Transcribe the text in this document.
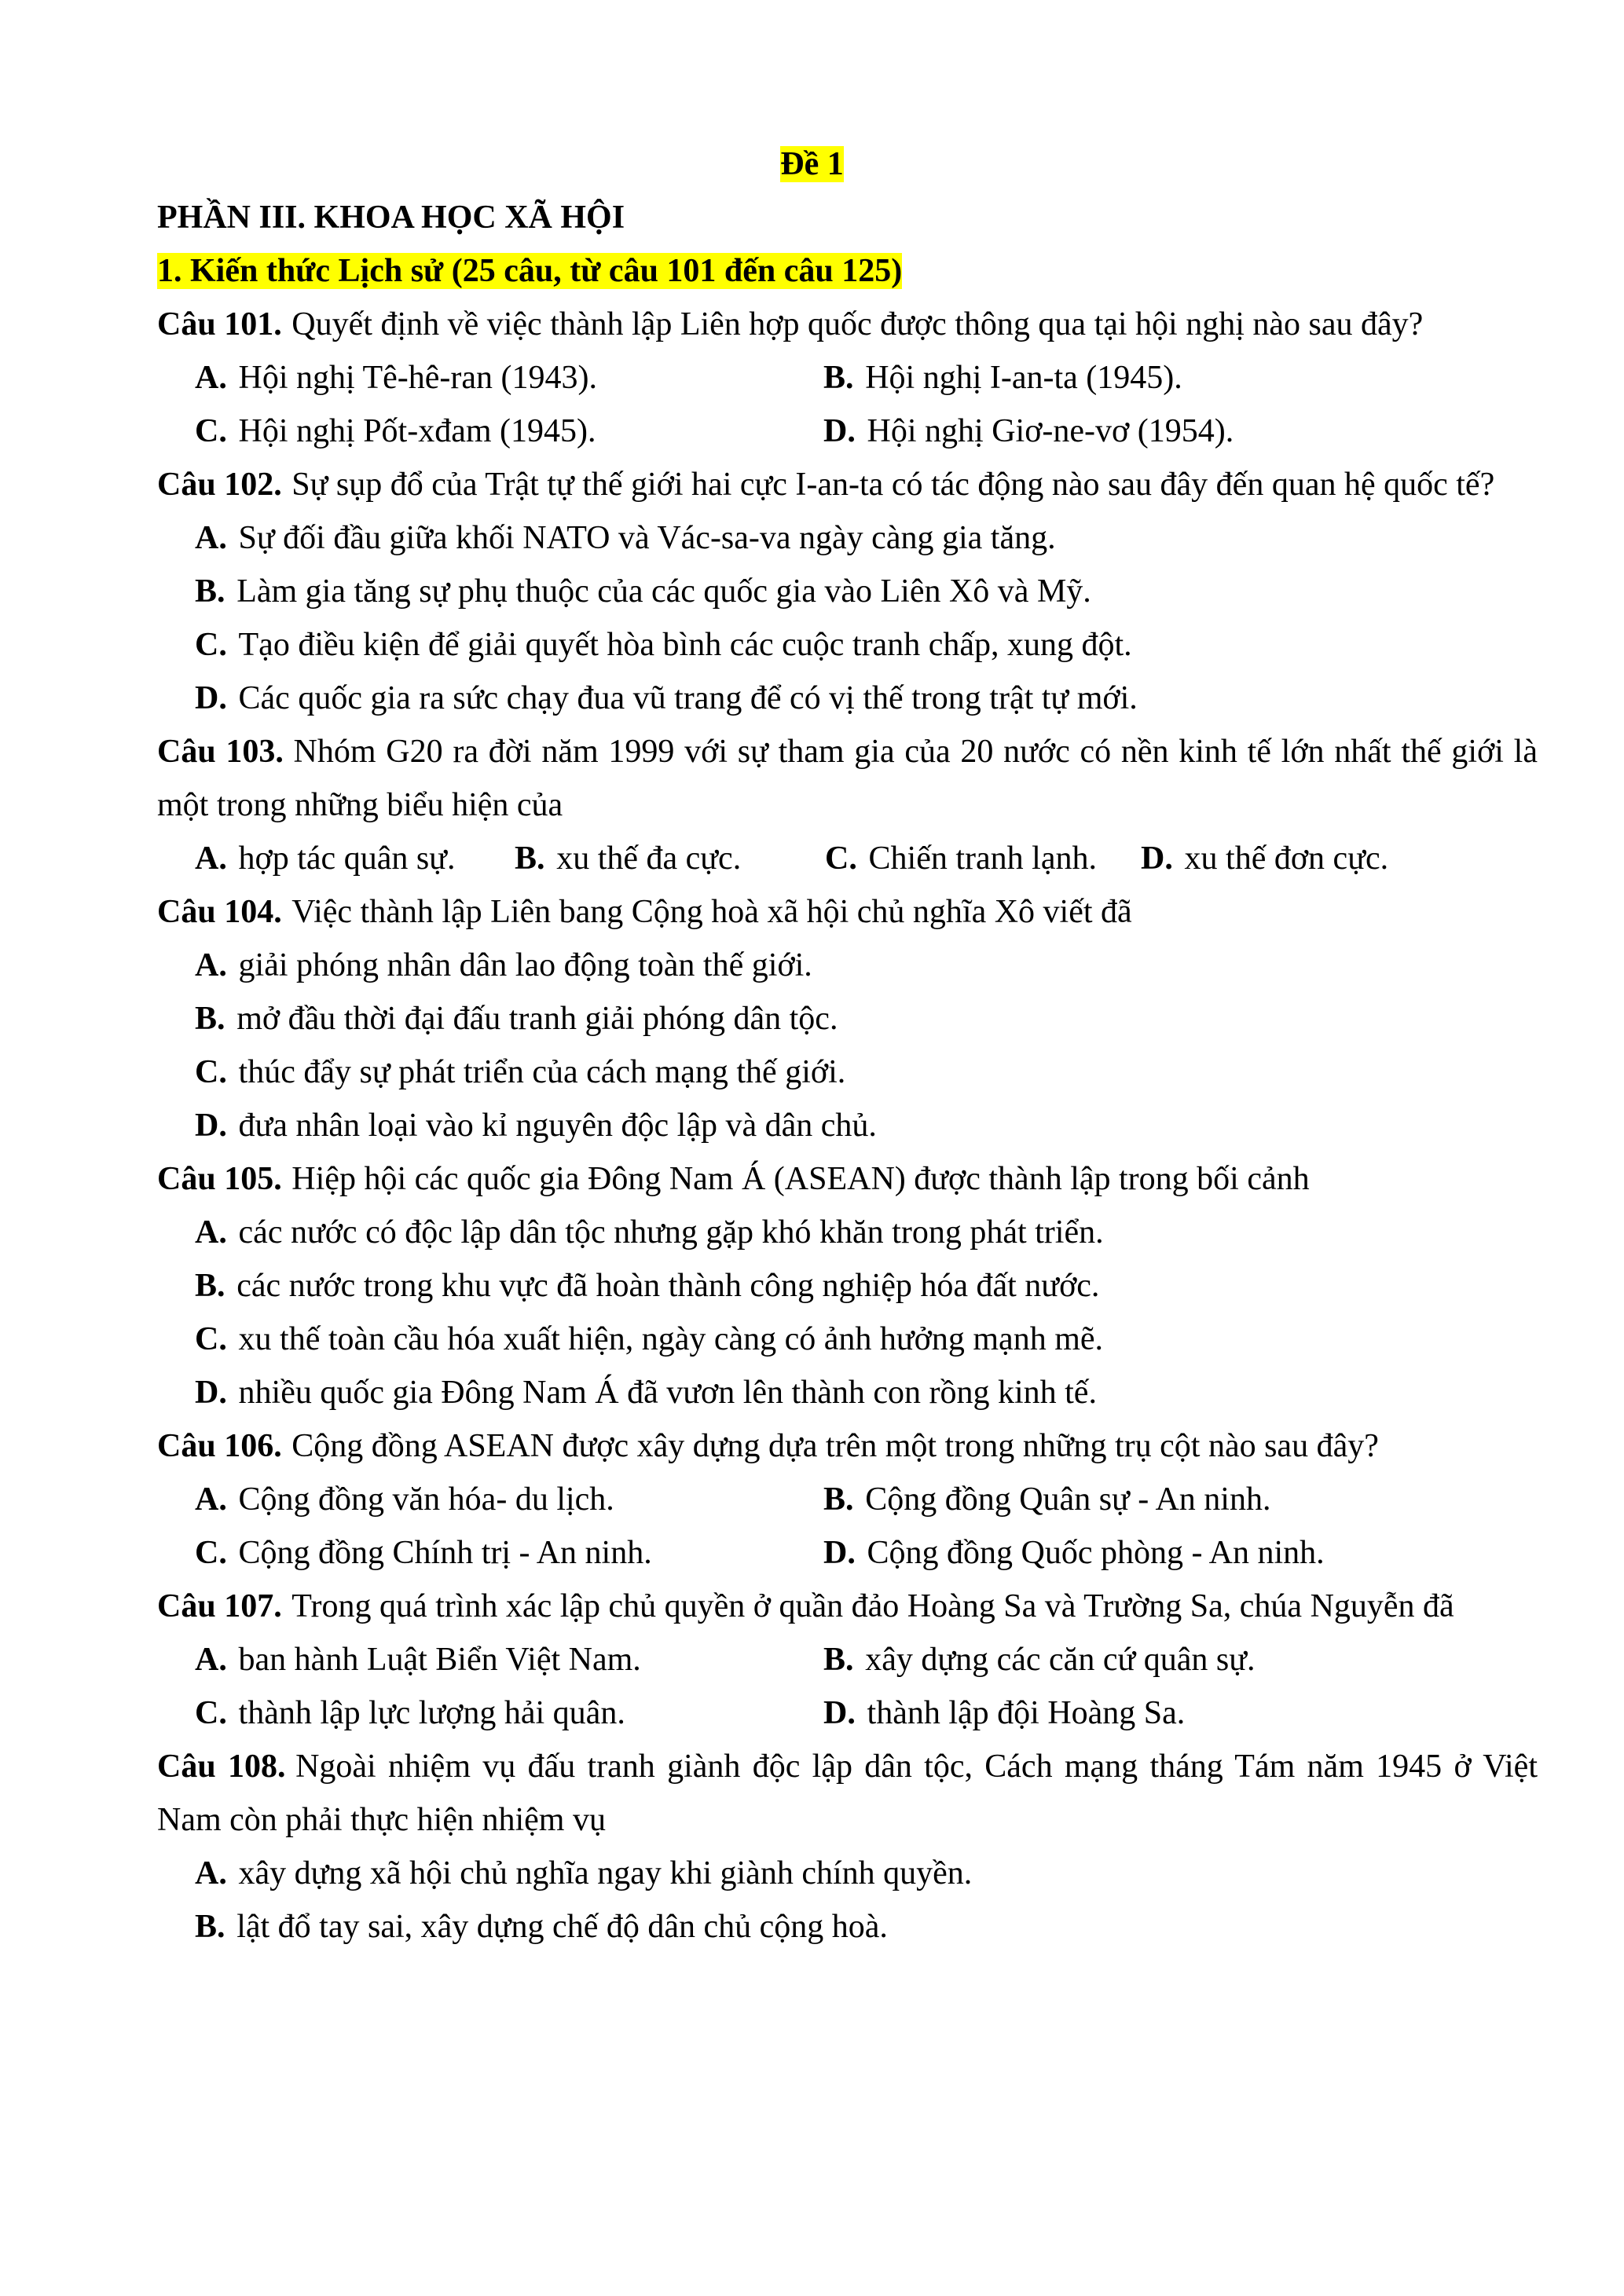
Đề 1
PHẦN III. KHOA HỌC XÃ HỘI
1. Kiến thức Lịch sử (25 câu, từ câu 101 đến câu 125)

Câu 101. Quyết định về việc thành lập Liên hợp quốc được thông qua tại hội nghị nào sau đây?

A. Hội nghị Tê-hê-ran (1943).	B. Hội nghị I-an-ta (1945).
C. Hội nghị Pốt-xđam (1945).	D. Hội nghị Giơ-ne-vơ (1954).

Câu 102. Sự sụp đổ của Trật tự thế giới hai cực I-an-ta có tác động nào sau đây đến quan hệ quốc tế?

A. Sự đối đầu giữa khối NATO và Vác-sa-va ngày càng gia tăng.
B. Làm gia tăng sự phụ thuộc của các quốc gia vào Liên Xô và Mỹ.
C. Tạo điều kiện để giải quyết hòa bình các cuộc tranh chấp, xung đột.
D. Các quốc gia ra sức chạy đua vũ trang để có vị thế trong trật tự mới.

Câu 103. Nhóm G20 ra đời năm 1999 với sự tham gia của 20 nước có nền kinh tế lớn nhất thế giới là một trong những biểu hiện của

A. hợp tác quân sự.	B. xu thế đa cực.	C. Chiến tranh lạnh.	D. xu thế đơn cực.

Câu 104. Việc thành lập Liên bang Cộng hoà xã hội chủ nghĩa Xô viết đã

A. giải phóng nhân dân lao động toàn thế giới.
B. mở đầu thời đại đấu tranh giải phóng dân tộc.
C. thúc đẩy sự phát triển của cách mạng thế giới.
D. đưa nhân loại vào kỉ nguyên độc lập và dân chủ.

Câu 105. Hiệp hội các quốc gia Đông Nam Á (ASEAN) được thành lập trong bối cảnh

A. các nước có độc lập dân tộc nhưng gặp khó khăn trong phát triển.
B. các nước trong khu vực đã hoàn thành công nghiệp hóa đất nước.
C. xu thế toàn cầu hóa xuất hiện, ngày càng có ảnh hưởng mạnh mẽ.
D. nhiều quốc gia Đông Nam Á đã vươn lên thành con rồng kinh tế.

Câu 106. Cộng đồng ASEAN được xây dựng dựa trên một trong những trụ cột nào sau đây?

A. Cộng đồng văn hóa- du lịch.	B. Cộng đồng Quân sự - An ninh.
C. Cộng đồng Chính trị - An ninh.	D. Cộng đồng Quốc phòng - An ninh.

Câu 107. Trong quá trình xác lập chủ quyền ở quần đảo Hoàng Sa và Trường Sa, chúa Nguyễn đã

A. ban hành Luật Biển Việt Nam.	B. xây dựng các căn cứ quân sự.
C. thành lập lực lượng hải quân.	D. thành lập đội Hoàng Sa.

Câu 108. Ngoài nhiệm vụ đấu tranh giành độc lập dân tộc, Cách mạng tháng Tám năm 1945 ở Việt Nam còn phải thực hiện nhiệm vụ

A. xây dựng xã hội chủ nghĩa ngay khi giành chính quyền.
B. lật đổ tay sai, xây dựng chế độ dân chủ cộng hoà.
